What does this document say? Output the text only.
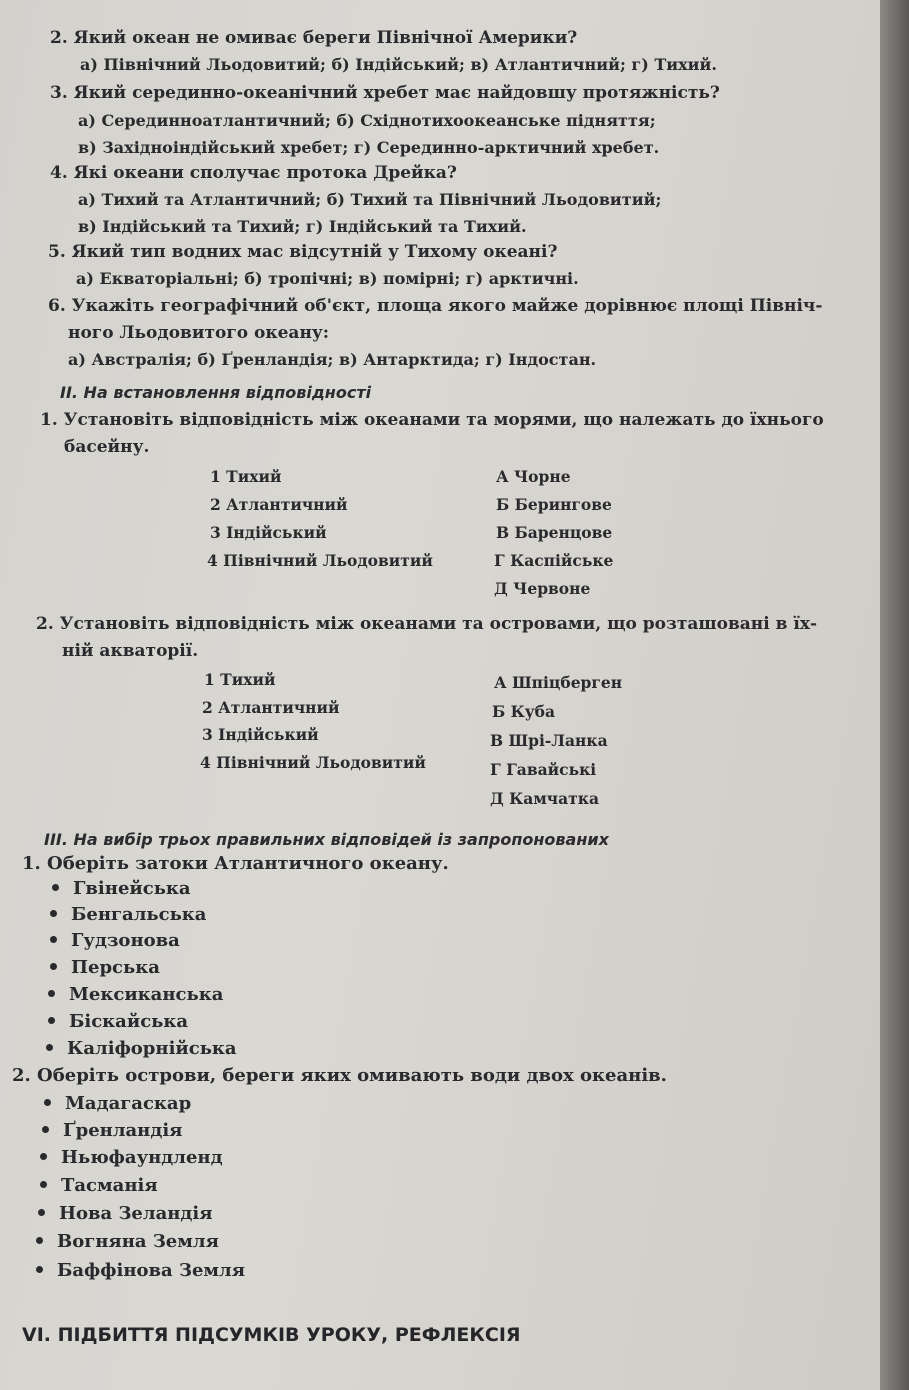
2. Який океан не омиває береги Північної Америки?
а) Північний Льодовитий; б) Індійський; в) Атлантичний; г) Тихий.
3. Який серединно-океанічний хребет має найдовшу протяжність?
а) Серединноатлантичний; б) Східнотихоокеанське підняття;
в) Західноіндійський хребет; г) Серединно-арктичний хребет.
4. Які океани сполучає протока Дрейка?
а) Тихий та Атлантичний; б) Тихий та Північний Льодовитий;
в) Індійський та Тихий; г) Індійський та Тихий.
5. Який тип водних мас відсутній у Тихому океані?
а) Екваторіальні; б) тропічні; в) помірні; г) арктичні.
6. Укажіть географічний об'єкт, площа якого майже дорівнює площі Північ-
ного Льодовитого океану:
а) Австралія; б) Ґренландія; в) Антарктида; г) Індостан.
II. На встановлення відповідності
1. Установіть відповідність між океанами та морями, що належать до їхнього
басейну.
1 Тихий
2 Атлантичний
3 Індійський
4 Північний Льодовитий
А Чорне
Б Берингове
В Баренцове
Г Каспійське
Д Червоне
2. Установіть відповідність між океанами та островами, що розташовані в їх-
ній акваторії.
1 Тихий
2 Атлантичний
3 Індійський
4 Північний Льодовитий
А Шпіцберген
Б Куба
В Шрі-Ланка
Г Гавайські
Д Камчатка
III. На вибір трьох правильних відповідей із запропонованих
1. Оберіть затоки Атлантичного океану.
Гвінейська
Бенгальська
Гудзонова
Перська
Мексиканська
Біскайська
Каліфорнійська
2. Оберіть острови, береги яких омивають води двох океанів.
Мадагаскар
Ґренландія
Ньюфаундленд
Тасманія
Нова Зеландія
Вогняна Земля
Баффінова Земля
VI. ПІДБИТТЯ ПІДСУМКІВ УРОКУ, РЕФЛЕКСІЯ
